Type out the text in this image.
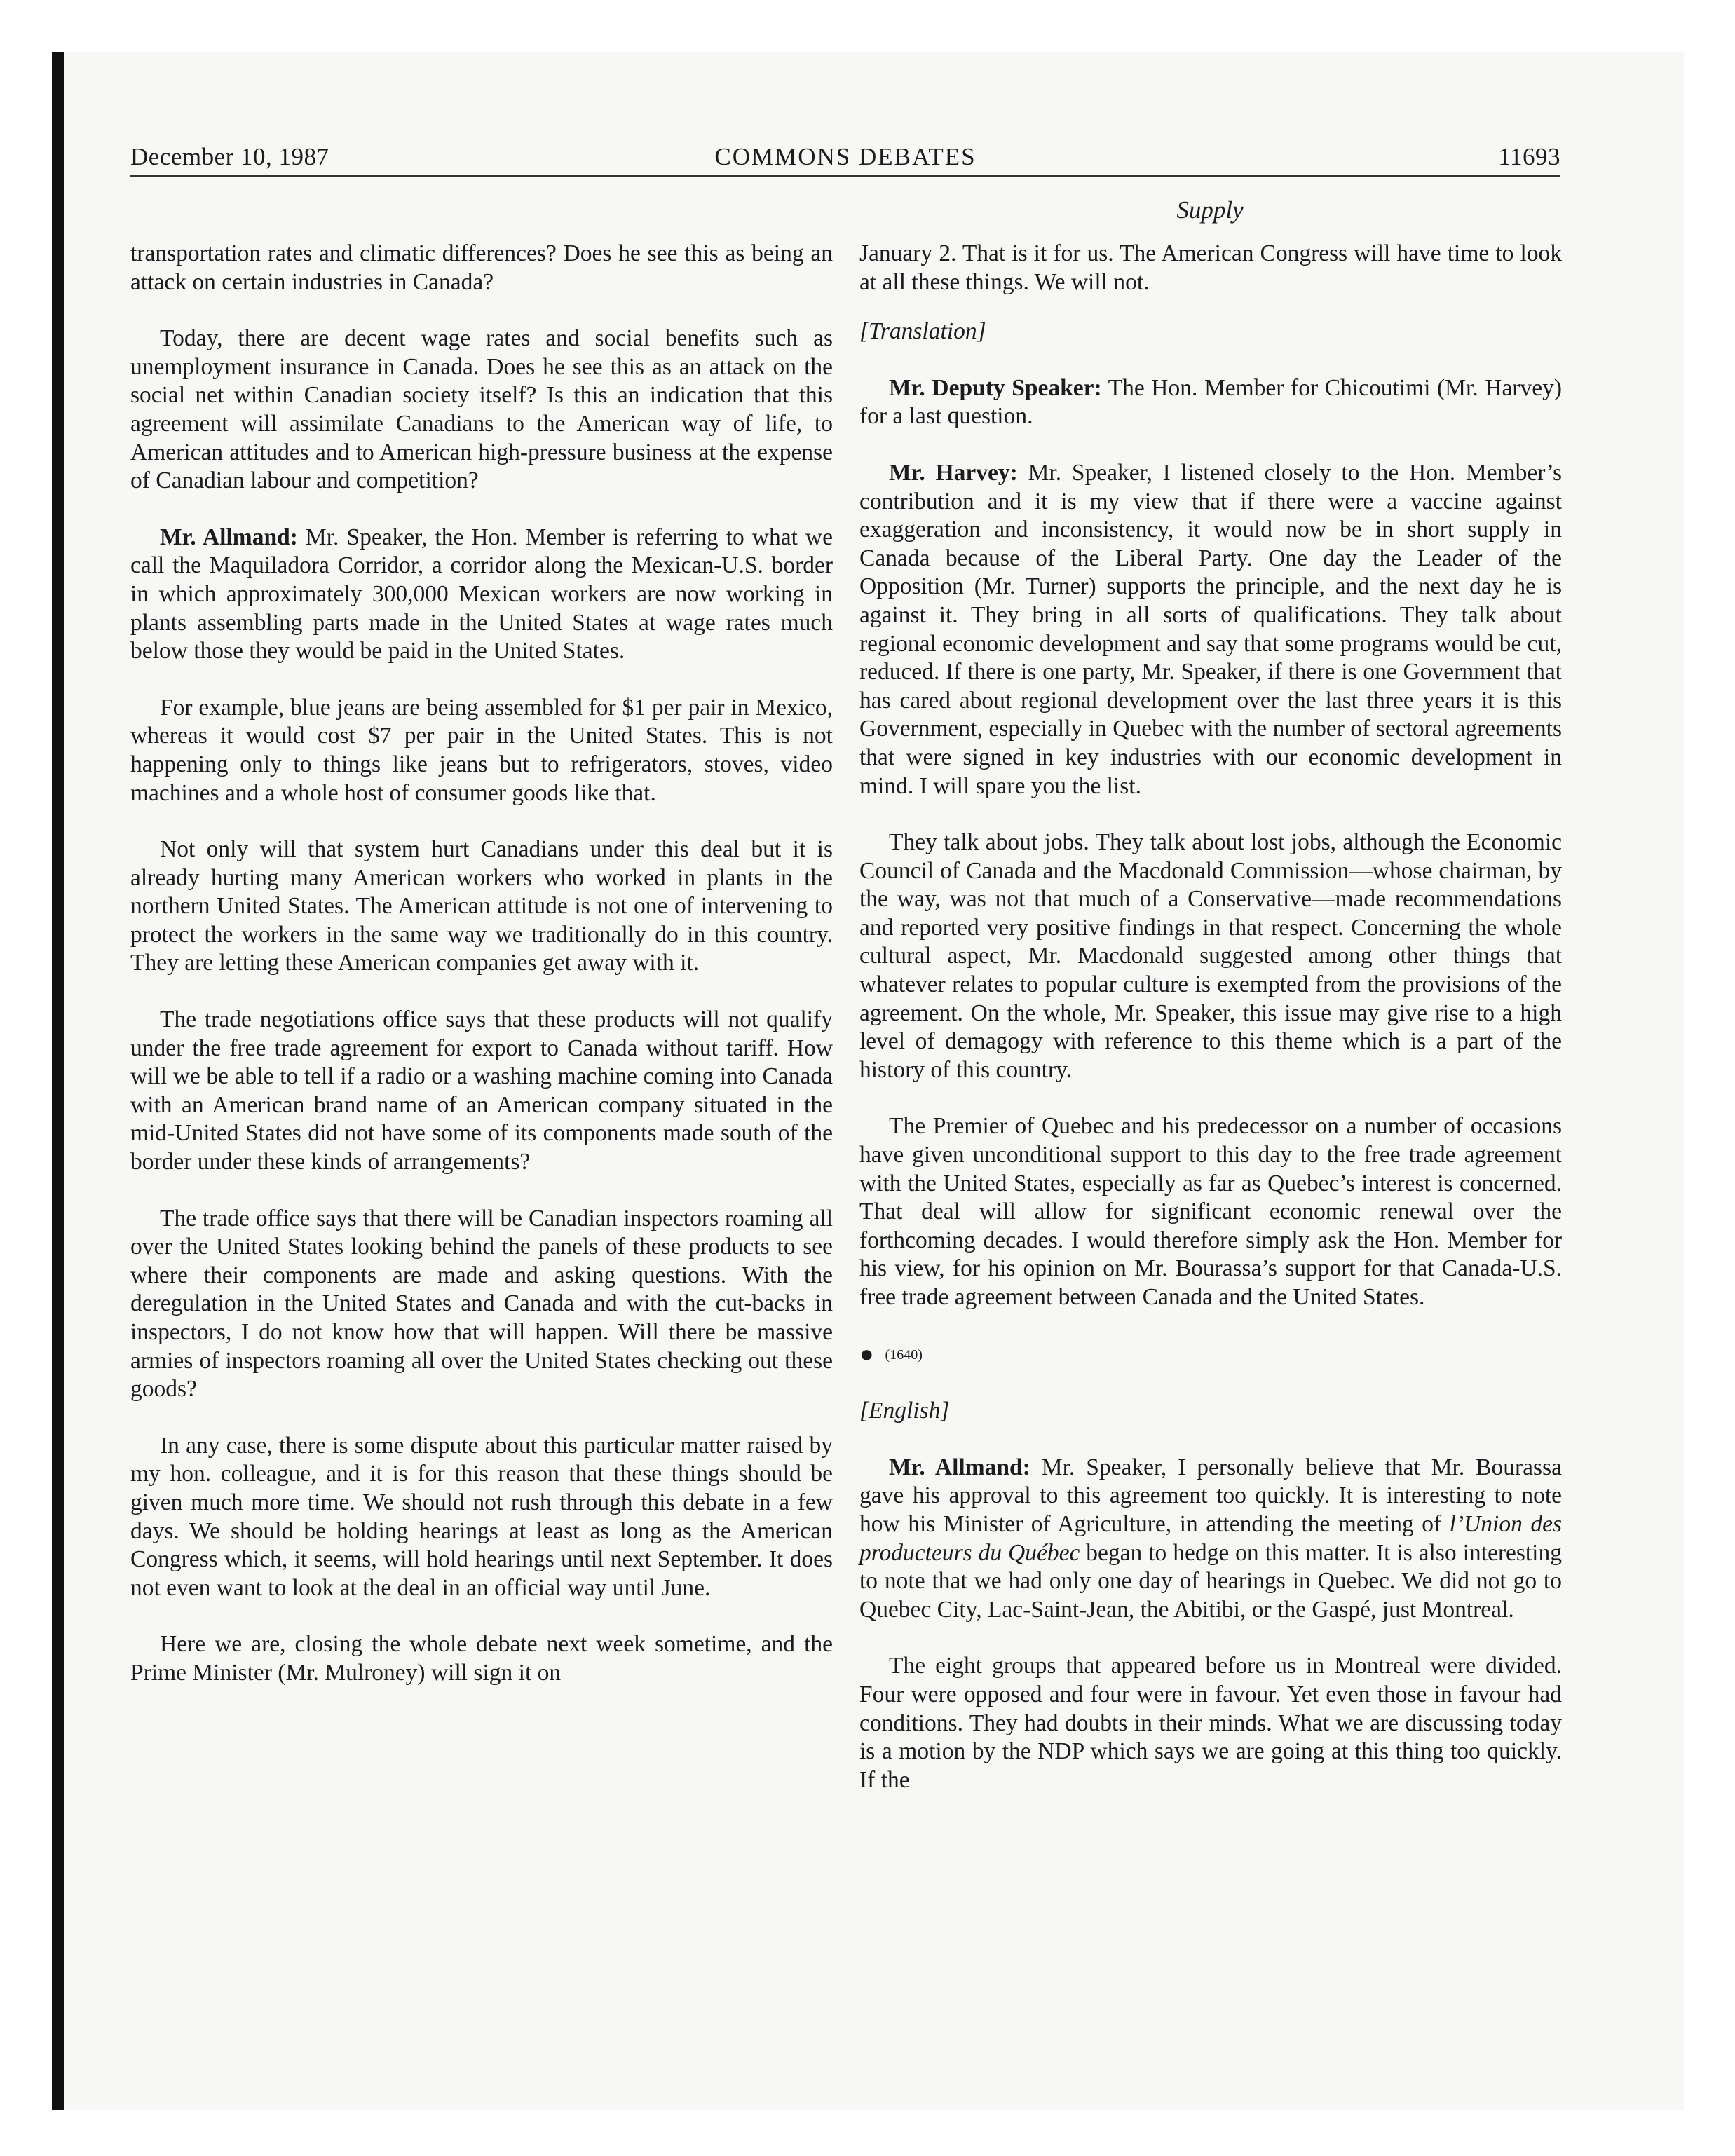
December 10, 1987	COMMONS DEBATES	11693
Supply

transportation rates and climatic differences? Does he see this as being an attack on certain industries in Canada?

Today, there are decent wage rates and social benefits such as unemployment insurance in Canada. Does he see this as an attack on the social net within Canadian society itself? Is this an indication that this agreement will assimilate Canadians to the American way of life, to American attitudes and to American high-pressure business at the expense of Canadian labour and competition?

Mr. Allmand: Mr. Speaker, the Hon. Member is referring to what we call the Maquiladora Corridor, a corridor along the Mexican-U.S. border in which approximately 300,000 Mexican workers are now working in plants assembling parts made in the United States at wage rates much below those they would be paid in the United States.

For example, blue jeans are being assembled for $1 per pair in Mexico, whereas it would cost $7 per pair in the United States. This is not happening only to things like jeans but to refrigerators, stoves, video machines and a whole host of consumer goods like that.

Not only will that system hurt Canadians under this deal but it is already hurting many American workers who worked in plants in the northern United States. The American attitude is not one of intervening to protect the workers in the same way we traditionally do in this country. They are letting these American companies get away with it.

The trade negotiations office says that these products will not qualify under the free trade agreement for export to Canada without tariff. How will we be able to tell if a radio or a washing machine coming into Canada with an American brand name of an American company situated in the mid-United States did not have some of its components made south of the border under these kinds of arrangements?

The trade office says that there will be Canadian inspectors roaming all over the United States looking behind the panels of these products to see where their components are made and asking questions. With the deregulation in the United States and Canada and with the cut-backs in inspectors, I do not know how that will happen. Will there be massive armies of inspectors roaming all over the United States checking out these goods?

In any case, there is some dispute about this particular matter raised by my hon. colleague, and it is for this reason that these things should be given much more time. We should not rush through this debate in a few days. We should be holding hearings at least as long as the American Congress which, it seems, will hold hearings until next September. It does not even want to look at the deal in an official way until June.

Here we are, closing the whole debate next week sometime, and the Prime Minister (Mr. Mulroney) will sign it on

January 2. That is it for us. The American Congress will have time to look at all these things. We will not.

[Translation]

Mr. Deputy Speaker: The Hon. Member for Chicoutimi (Mr. Harvey) for a last question.

Mr. Harvey: Mr. Speaker, I listened closely to the Hon. Member’s contribution and it is my view that if there were a vaccine against exaggeration and inconsistency, it would now be in short supply in Canada because of the Liberal Party. One day the Leader of the Opposition (Mr. Turner) supports the principle, and the next day he is against it. They bring in all sorts of qualifications. They talk about regional economic development and say that some programs would be cut, reduced. If there is one party, Mr. Speaker, if there is one Government that has cared about regional development over the last three years it is this Government, especially in Quebec with the number of sectoral agreements that were signed in key industries with our economic development in mind. I will spare you the list.

They talk about jobs. They talk about lost jobs, although the Economic Council of Canada and the Macdonald Commission—whose chairman, by the way, was not that much of a Conservative—made recommendations and reported very positive findings in that respect. Concerning the whole cultural aspect, Mr. Macdonald suggested among other things that whatever relates to popular culture is exempted from the provisions of the agreement. On the whole, Mr. Speaker, this issue may give rise to a high level of demagogy with reference to this theme which is a part of the history of this country.

The Premier of Quebec and his predecessor on a number of occasions have given unconditional support to this day to the free trade agreement with the United States, especially as far as Quebec’s interest is concerned. That deal will allow for significant economic renewal over the forthcoming decades. I would therefore simply ask the Hon. Member for his view, for his opinion on Mr. Bourassa’s support for that Canada-U.S. free trade agreement between Canada and the United States.

● (1640)

[English]

Mr. Allmand: Mr. Speaker, I personally believe that Mr. Bourassa gave his approval to this agreement too quickly. It is interesting to note how his Minister of Agriculture, in attending the meeting of l’Union des producteurs du Québec began to hedge on this matter. It is also interesting to note that we had only one day of hearings in Quebec. We did not go to Quebec City, Lac-Saint-Jean, the Abitibi, or the Gaspé, just Montreal.

The eight groups that appeared before us in Montreal were divided. Four were opposed and four were in favour. Yet even those in favour had conditions. They had doubts in their minds. What we are discussing today is a motion by the NDP which says we are going at this thing too quickly. If the
